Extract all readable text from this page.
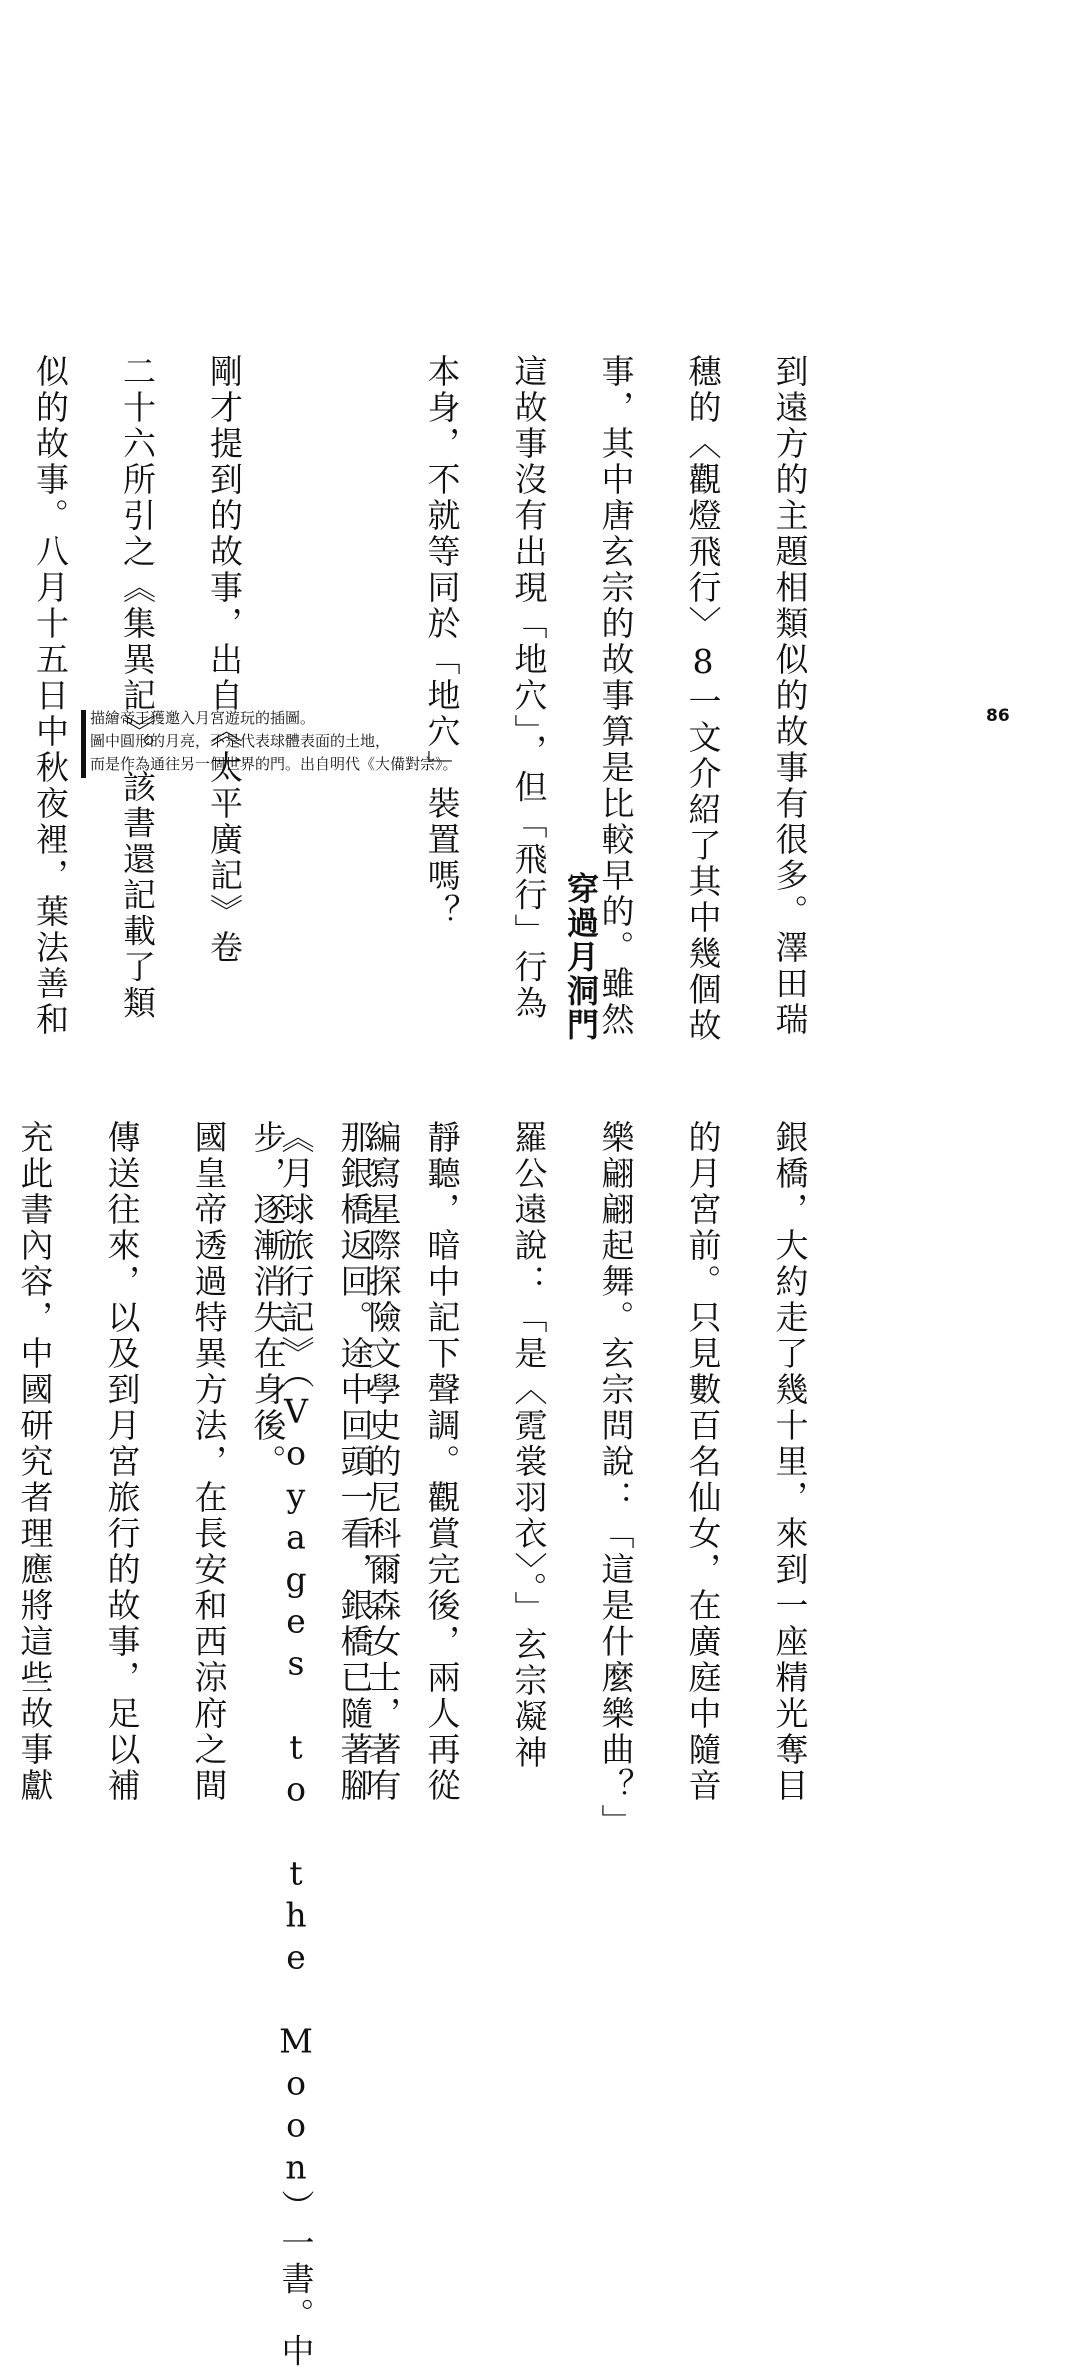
到遠方的主題相類似的故事有很多。澤田瑞

穗的〈觀燈飛行〉8一文介紹了其中幾個故

事，其中唐玄宗的故事算是比較早的。雖然

這故事沒有出現「地穴」，但「飛行」行為

本身，不就等同於「地穴」裝置嗎？

剛才提到的故事，出自《太平廣記》卷

二十六所引之《集異記》。該書還記載了類

似的故事。八月十五日中秋夜裡，葉法善和

	描繪帝王獲邀入月宮遊玩的插圖。
圖中圓形的月亮，不是代表球體表面的土地，
而是作為通往另一個世界的門。出自明代《大備對宗》。
86

銀橋，大約走了幾十里，來到一座精光奪目

的月宮前。只見數百名仙女，在廣庭中隨音

樂翩翩起舞。玄宗問說：「這是什麼樂曲？」

羅公遠說：「是〈霓裳羽衣〉。」玄宗凝神

靜聽，暗中記下聲調。觀賞完後，兩人再從

那銀橋返回。途中回頭一看，銀橋已隨著腳

步，逐漸消失在身後。

穿過月洞門

編寫星際探險文學史的尼科爾森女士，著有

《月球旅行記》（Voyages to the Moon）一書。中

國皇帝透過特異方法，在長安和西涼府之間

傳送往來，以及到月宮旅行的故事，足以補

充此書內容，中國研究者理應將這些故事獻
